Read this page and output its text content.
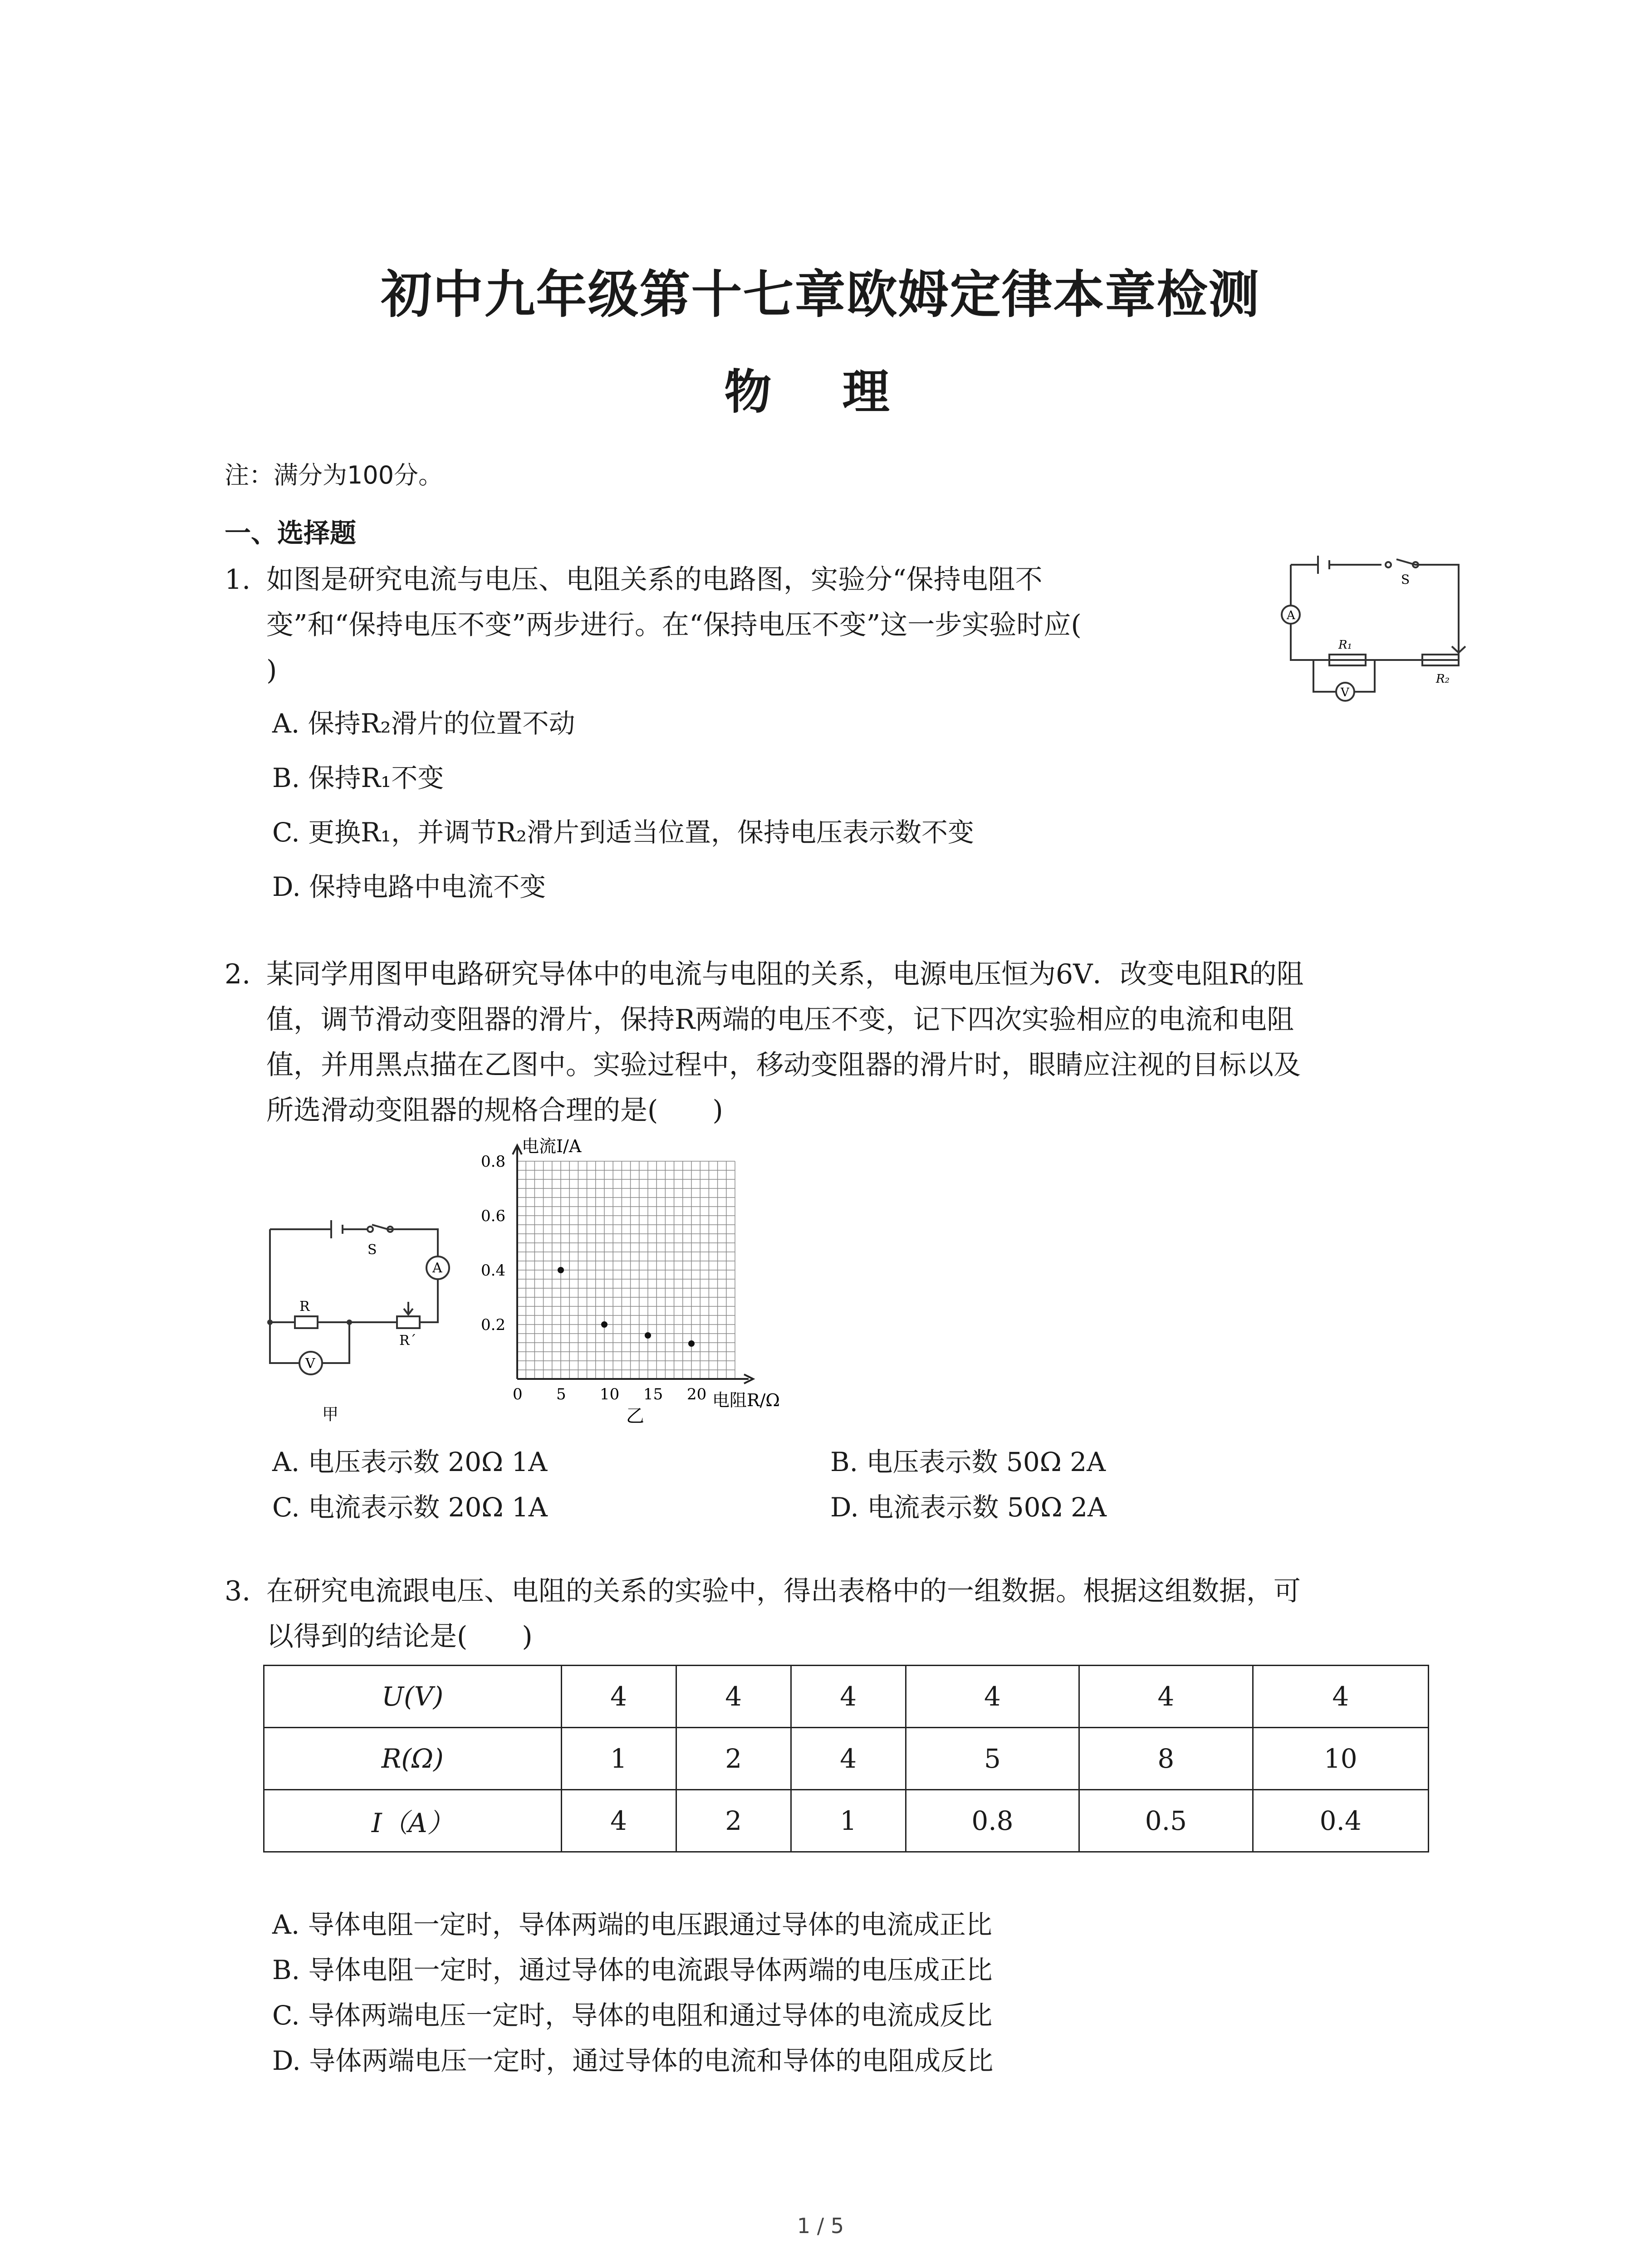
初中九年级第十七章欧姆定律本章检测
物 理
注：满分为100分。
一、选择题
1. 如图是研究电流与电压、电阻关系的电路图，实验分“保持电阻不
变”和“保持电压不变”两步进行。在“保持电压不变”这一步实验时应(
)
A. 保持R₂滑片的位置不动
B. 保持R₁不变
C. 更换R₁，并调节R₂滑片到适当位置，保持电压表示数不变
D. 保持电路中电流不变
S
A
R₁
R₂
V
2. 某同学用图甲电路研究导体中的电流与电阻的关系，电源电压恒为6V．改变电阻R的阻
值，调节滑动变阻器的滑片，保持R两端的电压不变，记下四次实验相应的电流和电阻
值，并用黑点描在乙图中。实验过程中，移动变阻器的滑片时，眼睛应注视的目标以及
所选滑动变阻器的规格合理的是(　　)
S
A
R
R´
V
甲
电流I/A
电阻R/Ω
0 5 10 15 20
0.2
0.4
0.6
0.8
乙
A. 电压表示数 20Ω 1A	B. 电压表示数 50Ω 2A
C. 电流表示数 20Ω 1A	D. 电流表示数 50Ω 2A
3. 在研究电流跟电压、电阻的关系的实验中，得出表格中的一组数据。根据这组数据，可
以得到的结论是(　　)
U(V)	4	4	4	4	4	4
R(Ω)	1	2	4	5	8	10
I（A）	4	2	1	0.8	0.5	0.4
A. 导体电阻一定时，导体两端的电压跟通过导体的电流成正比
B. 导体电阻一定时，通过导体的电流跟导体两端的电压成正比
C. 导体两端电压一定时，导体的电阻和通过导体的电流成反比
D. 导体两端电压一定时，通过导体的电流和导体的电阻成反比
1 / 5
